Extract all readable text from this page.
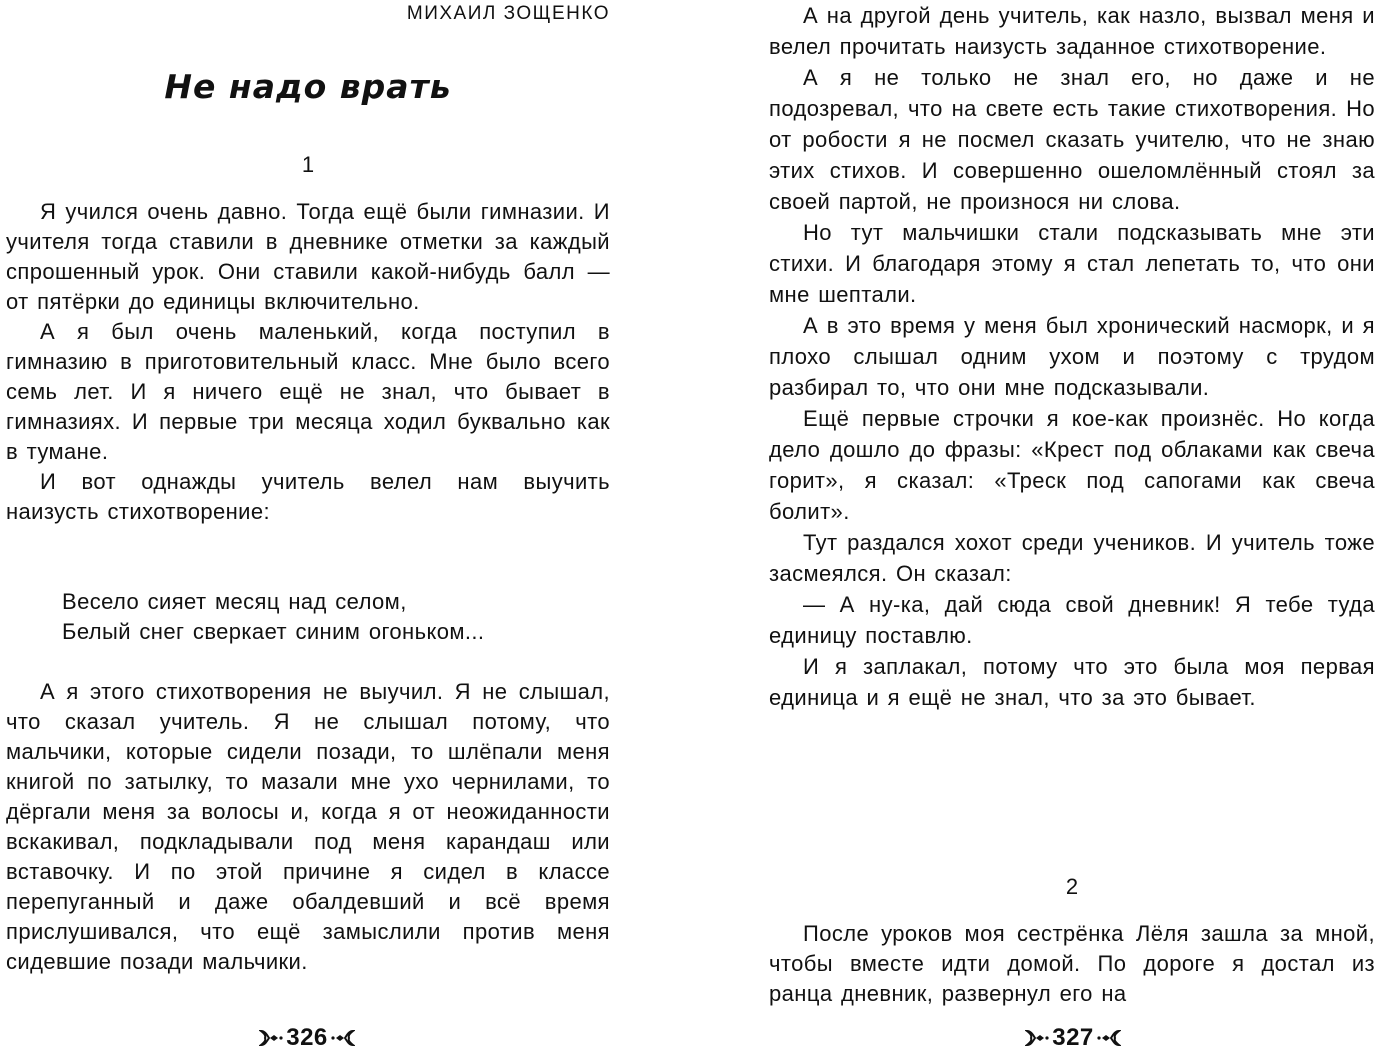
МИХАИЛ ЗОЩЕНКО

Не надо врать
1

Я учился очень давно. Тогда ещё были гимназии. И учителя тогда ставили в дневнике отметки за каждый спрошенный урок. Они ставили какой-нибудь балл — от пятёрки до единицы включительно.

А я был очень маленький, когда поступил в гимназию в приготовительный класс. Мне было всего семь лет. И я ничего ещё не знал, что бывает в гимназиях. И первые три месяца ходил буквально как в тумане.

И вот однажды учитель велел нам выучить наизусть стихотворение:

Весело сияет месяц над селом,
Белый снег сверкает синим огоньком...

А я этого стихотворения не выучил. Я не слышал, что сказал учитель. Я не слышал потому, что мальчики, которые сидели позади, то шлёпали меня книгой по затылку, то мазали мне ухо чернилами, то дёргали меня за волосы и, когда я от неожиданности вскакивал, подкладывали под меня карандаш или вставочку. И по этой причине я сидел в классе перепуганный и даже обалдевший и всё время прислушивался, что ещё замыслили против меня сидевшие позади мальчики.

326

А на другой день учитель, как назло, вызвал меня и велел прочитать наизусть заданное стихотворение.

А я не только не знал его, но даже и не подозревал, что на свете есть такие стихотворения. Но от робости я не посмел сказать учителю, что не знаю этих стихов. И совершенно ошеломлённый стоял за своей партой, не произнося ни слова.

Но тут мальчишки стали подсказывать мне эти стихи. И благодаря этому я стал лепетать то, что они мне шептали.

А в это время у меня был хронический насморк, и я плохо слышал одним ухом и поэтому с трудом разбирал то, что они мне подсказывали.

Ещё первые строчки я кое-как произнёс. Но когда дело дошло до фразы: «Крест под облаками как свеча горит», я сказал: «Треск под сапогами как свеча болит».

Тут раздался хохот среди учеников. И учитель тоже засмеялся. Он сказал:

— А ну-ка, дай сюда свой дневник! Я тебе туда единицу поставлю.

И я заплакал, потому что это была моя первая единица и я ещё не знал, что за это бывает.

2

После уроков моя сестрёнка Лёля зашла за мной, чтобы вместе идти домой. По дороге я достал из ранца дневник, развернул его на

327
